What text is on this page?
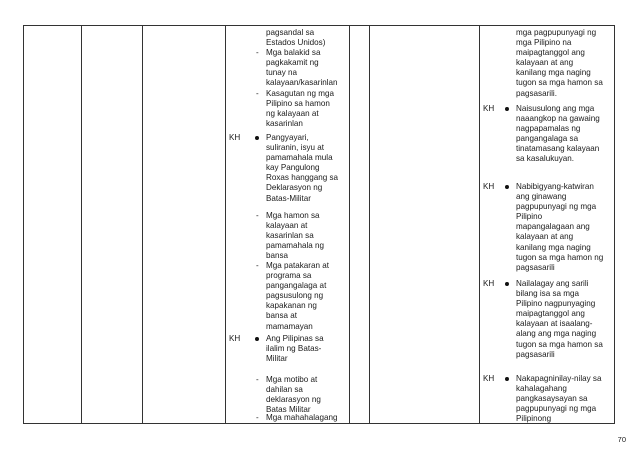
KH
KH
pagsandal sa
Estados Unidos)
- Mga balakid sa
pagkakamit ng
tunay na
kalayaan/kasarinlan
- Kasagutan ng mga
Pilipino sa hamon
ng kalayaan at
kasarinlan
Pangyayari,
suliranin, isyu at
pamamahala mula
kay Pangulong
Roxas hanggang sa
Deklarasyon ng
Batas-Militar
- Mga hamon sa
kalayaan at
kasarinlan sa
pamamahala ng
bansa
- Mga patakaran at
programa sa
pangangalaga at
pagsusulong ng
kapakanan ng
bansa at
mamamayan
Ang Pilipinas sa
ilalim ng Batas-
Militar
- Mga motibo at
dahilan sa
deklarasyon ng
Batas Militar
- Mga mahahalagang
KH
KH
KH
KH
mga pagpupunyagi ng
mga Pilipino na
maipagtanggol ang
kalayaan at ang
kanilang mga naging
tugon sa mga hamon sa
pagsasarili.
Naisusulong ang mga
naaangkop na gawaing
nagpapamalas ng
pangangalaga sa
tinatamasang kalayaan
sa kasalukuyan.
Nabibigyang-katwiran
ang ginawang
pagpupunyagi ng mga
Pilipino
mapangalagaan ang
kalayaan at ang
kanilang mga naging
tugon sa mga hamon ng
pagsasarili
Nailalagay ang sarili
bilang isa sa mga
Pilipino nagpunyaging
maipagtanggol ang
kalayaan at isaalang-
alang ang mga naging
tugon sa mga hamon sa
pagsasarili
Nakapagninilay-nilay sa
kahalagahang
pangkasaysayan sa
pagpupunyagi ng mga
Pilipinong
70
